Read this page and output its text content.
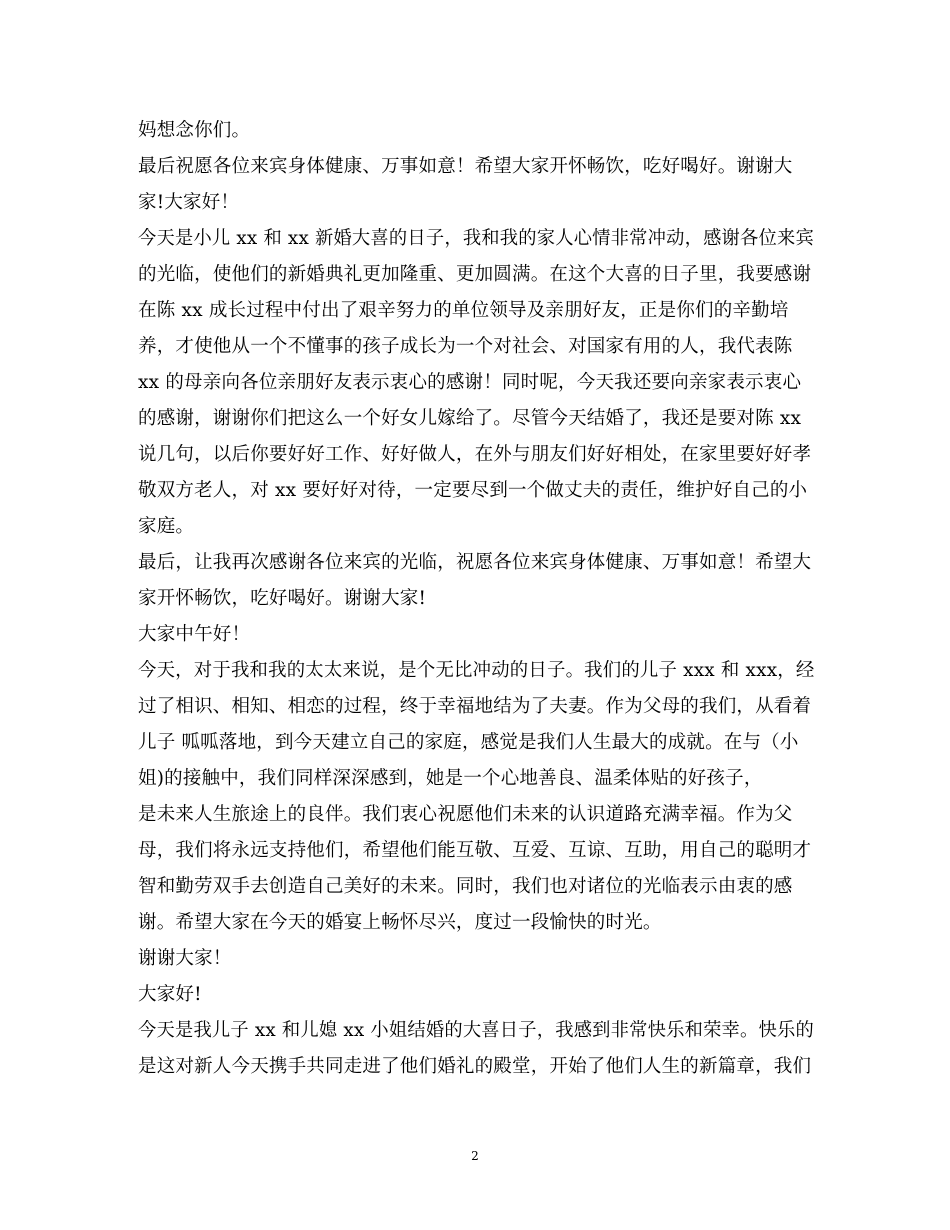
妈想念你们。
最后祝愿各位来宾身体健康、万事如意！希望大家开怀畅饮，吃好喝好。谢谢大
家!大家好！
今天是小儿 xx 和 xx 新婚大喜的日子，我和我的家人心情非常冲动，感谢各位来宾
的光临，使他们的新婚典礼更加隆重、更加圆满。在这个大喜的日子里，我要感谢
在陈 xx 成长过程中付出了艰辛努力的单位领导及亲朋好友，正是你们的辛勤培
养，才使他从一个不懂事的孩子成长为一个对社会、对国家有用的人，我代表陈
xx 的母亲向各位亲朋好友表示衷心的感谢！同时呢，今天我还要向亲家表示衷心
的感谢，谢谢你们把这么一个好女儿嫁给了。尽管今天结婚了，我还是要对陈 xx
说几句，以后你要好好工作、好好做人，在外与朋友们好好相处，在家里要好好孝
敬双方老人，对 xx 要好好对待，一定要尽到一个做丈夫的责任，维护好自己的小
家庭。
最后，让我再次感谢各位来宾的光临，祝愿各位来宾身体健康、万事如意！希望大
家开怀畅饮，吃好喝好。谢谢大家!
大家中午好！
今天，对于我和我的太太来说，是个无比冲动的日子。我们的儿子 xxx 和 xxx，经
过了相识、相知、相恋的过程，终于幸福地结为了夫妻。作为父母的我们，从看着
儿子 呱呱落地，到今天建立自己的家庭，感觉是我们人生最大的成就。在与（小
姐)的接触中，我们同样深深感到，她是一个心地善良、温柔体贴的好孩子，
是未来人生旅途上的良伴。我们衷心祝愿他们未来的认识道路充满幸福。作为父
母，我们将永远支持他们，希望他们能互敬、互爱、互谅、互助，用自己的聪明才
智和勤劳双手去创造自己美好的未来。同时，我们也对诸位的光临表示由衷的感
谢。希望大家在今天的婚宴上畅怀尽兴，度过一段愉快的时光。
谢谢大家！
大家好!
今天是我儿子 xx 和儿媳 xx 小姐结婚的大喜日子，我感到非常快乐和荣幸。快乐的
是这对新人今天携手共同走进了他们婚礼的殿堂，开始了他们人生的新篇章，我们
2
